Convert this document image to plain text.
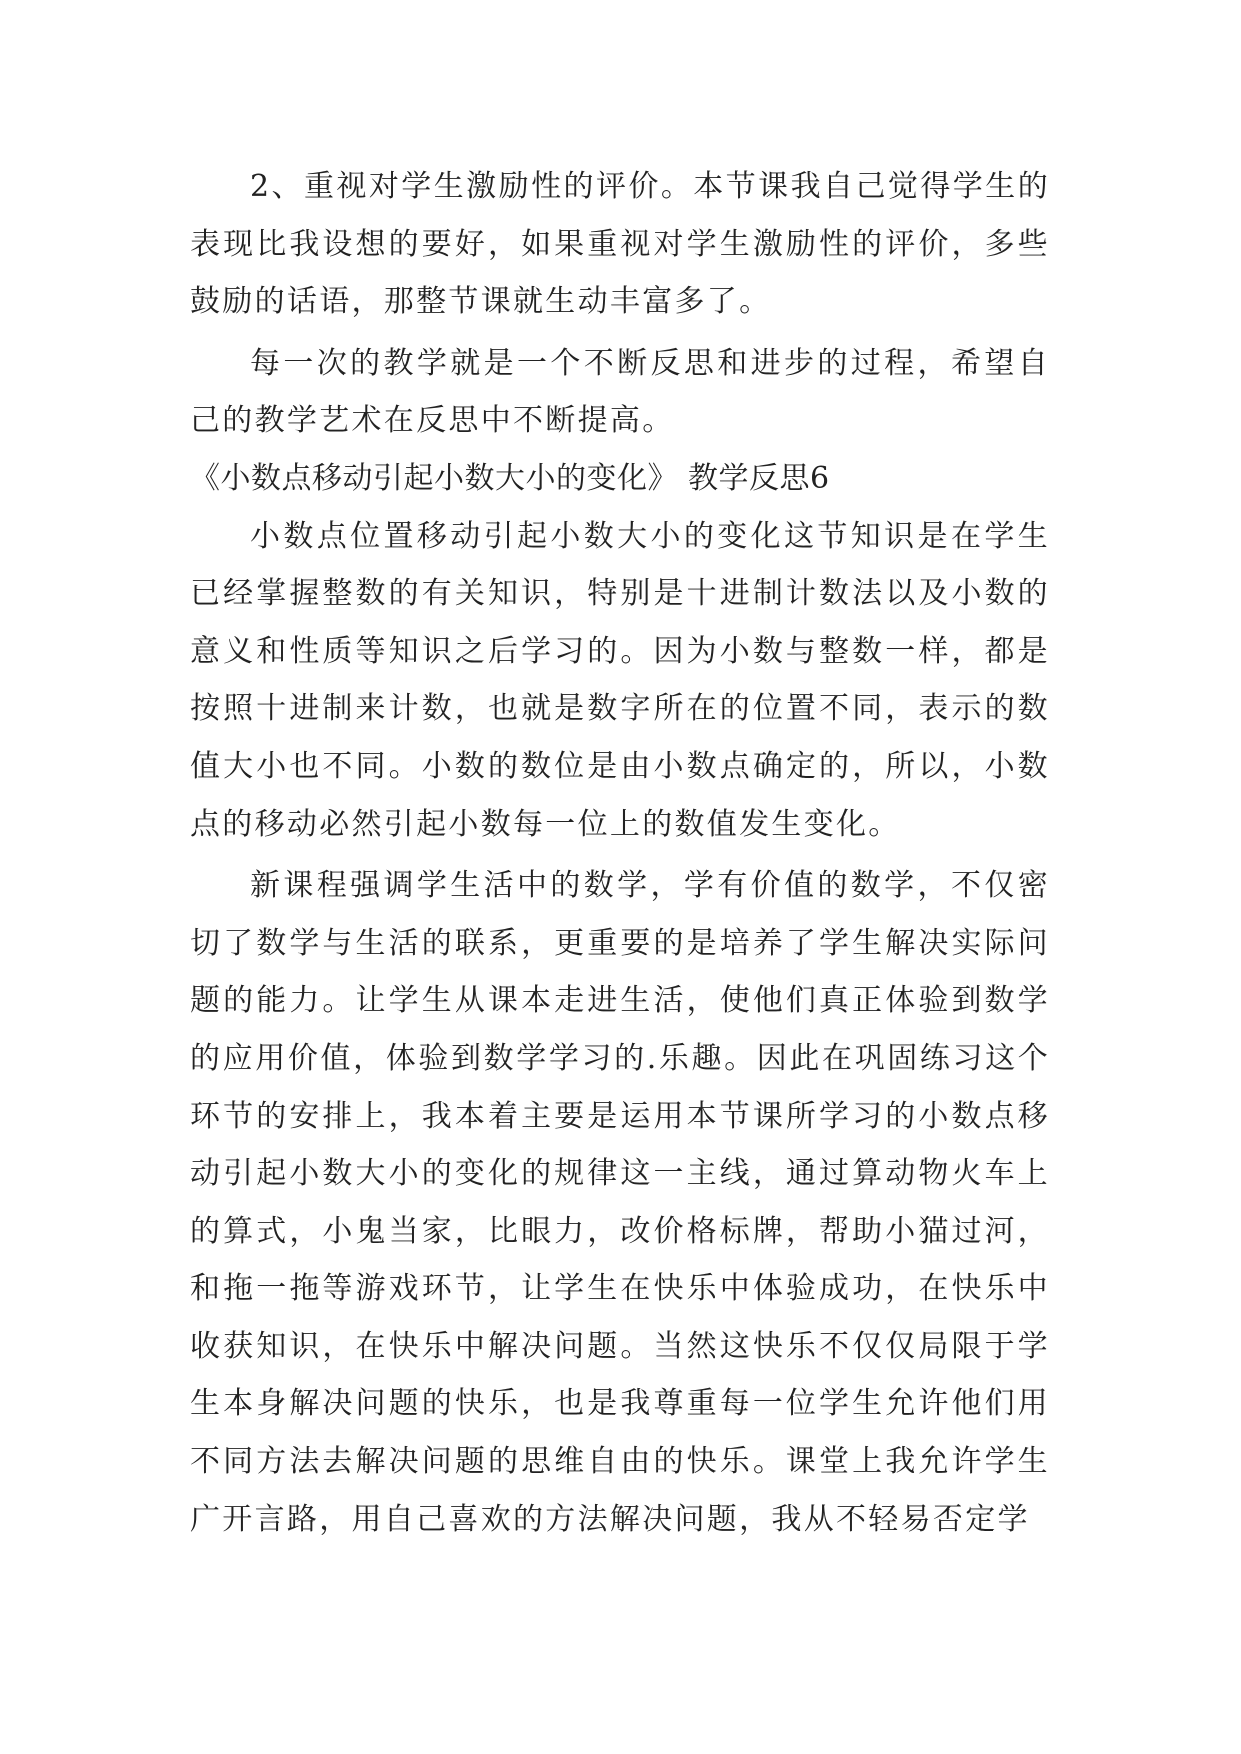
2、重视对学生激励性的评价。本节课我自己觉得学生的表现比我设想的要好，如果重视对学生激励性的评价，多些鼓励的话语，那整节课就生动丰富多了。

每一次的教学就是一个不断反思和进步的过程，希望自己的教学艺术在反思中不断提高。

《小数点移动引起小数大小的变化》 教学反思6

小数点位置移动引起小数大小的变化这节知识是在学生已经掌握整数的有关知识，特别是十进制计数法以及小数的意义和性质等知识之后学习的。因为小数与整数一样，都是按照十进制来计数，也就是数字所在的位置不同，表示的数值大小也不同。小数的数位是由小数点确定的，所以，小数点的移动必然引起小数每一位上的数值发生变化。

新课程强调学生活中的数学，学有价值的数学，不仅密切了数学与生活的联系，更重要的是培养了学生解决实际问题的能力。让学生从课本走进生活，使他们真正体验到数学的应用价值，体验到数学学习的.乐趣。因此在巩固练习这个环节的安排上，我本着主要是运用本节课所学习的小数点移动引起小数大小的变化的规律这一主线，通过算动物火车上的算式，小鬼当家，比眼力，改价格标牌，帮助小猫过河，和拖一拖等游戏环节，让学生在快乐中体验成功，在快乐中收获知识，在快乐中解决问题。当然这快乐不仅仅局限于学生本身解决问题的快乐，也是我尊重每一位学生允许他们用不同方法去解决问题的思维自由的快乐。课堂上我允许学生广开言路，用自己喜欢的方法解决问题，我从不轻易否定学
